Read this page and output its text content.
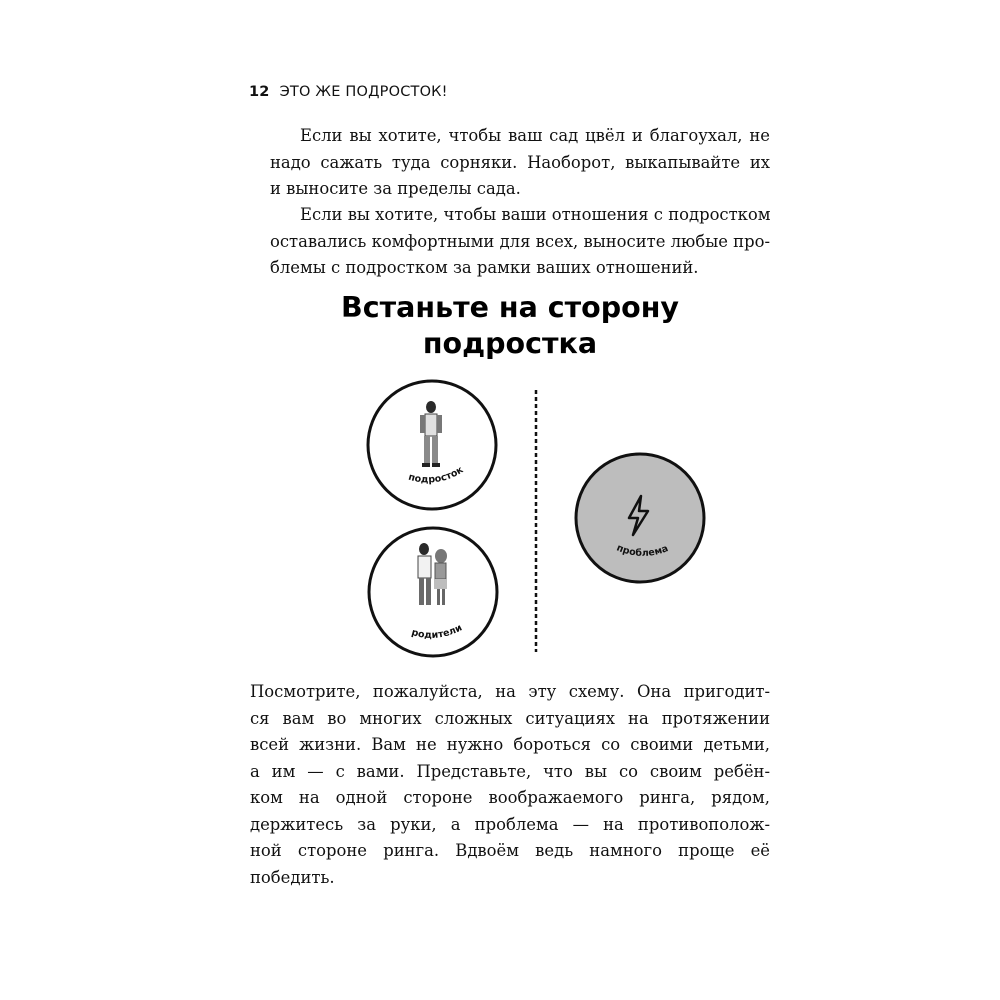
12 ЭТО ЖЕ ПОДРОСТОК!

Если вы хотите, чтобы ваш сад цвёл и благоухал, не
надо сажать туда сорняки. Наоборот, выкапывайте их
и выносите за пределы сада.

Если вы хотите, чтобы ваши отношения с подростком
оставались комфортными для всех, выносите любые про-
блемы с подростком за рамки ваших отношений.

Встаньте на сторону
подростка
подросток
родители
проблема

Посмотрите, пожалуйста, на эту схему. Она пригодит-
ся вам во многих сложных ситуациях на протяжении
всей жизни. Вам не нужно бороться со своими детьми,
а им — с вами. Представьте, что вы со своим ребён-
ком на одной стороне воображаемого ринга, рядом,
держитесь за руки, а проблема — на противополож-
ной стороне ринга. Вдвоём ведь намного проще её
победить.
